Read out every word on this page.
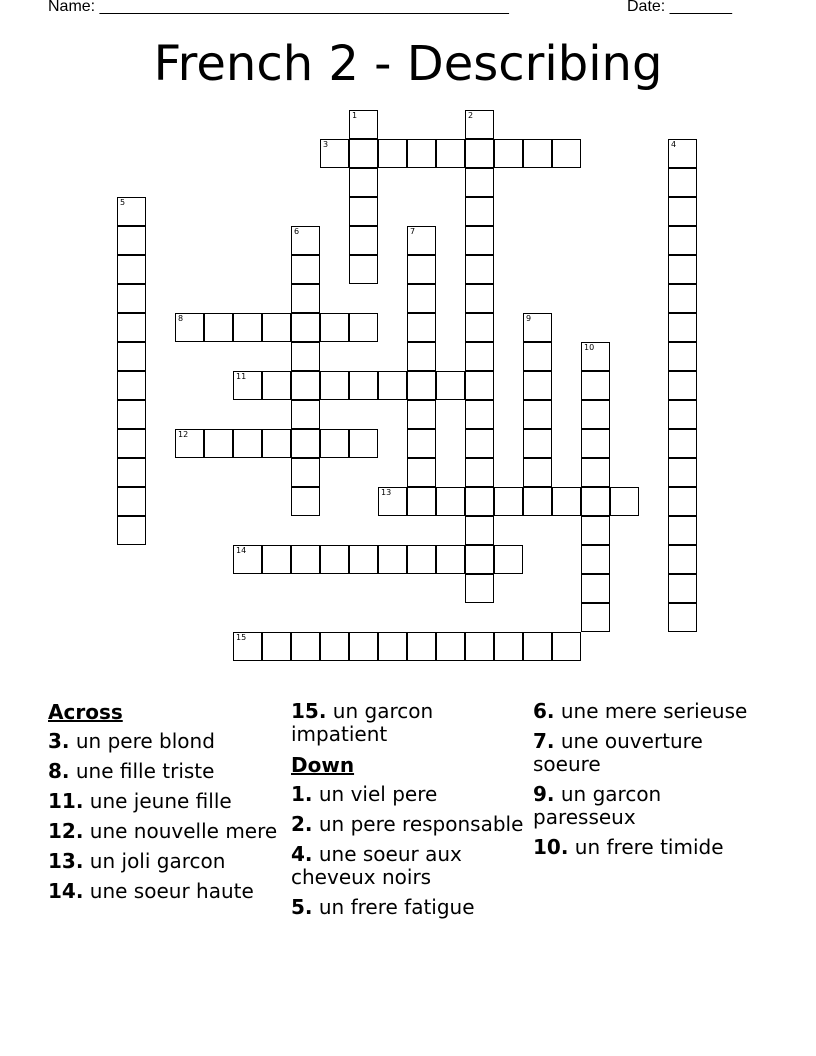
Name: ______________________________________________	Date: _______
French 2 - Describing
3
8
11
12
13
14
15
1	2
4
5
6	7
9
10
Across
3. un pere blond
8. une fille triste
11. une jeune fille
12. une nouvelle mere
13. un joli garcon
14. une soeur haute
15. un garcon impatient
Down
1. un viel pere
2. un pere responsable
4. une soeur aux cheveux noirs
5. un frere fatigue
6. une mere serieuse
7. une ouverture soeure
9. un garcon paresseux
10. un frere timide
